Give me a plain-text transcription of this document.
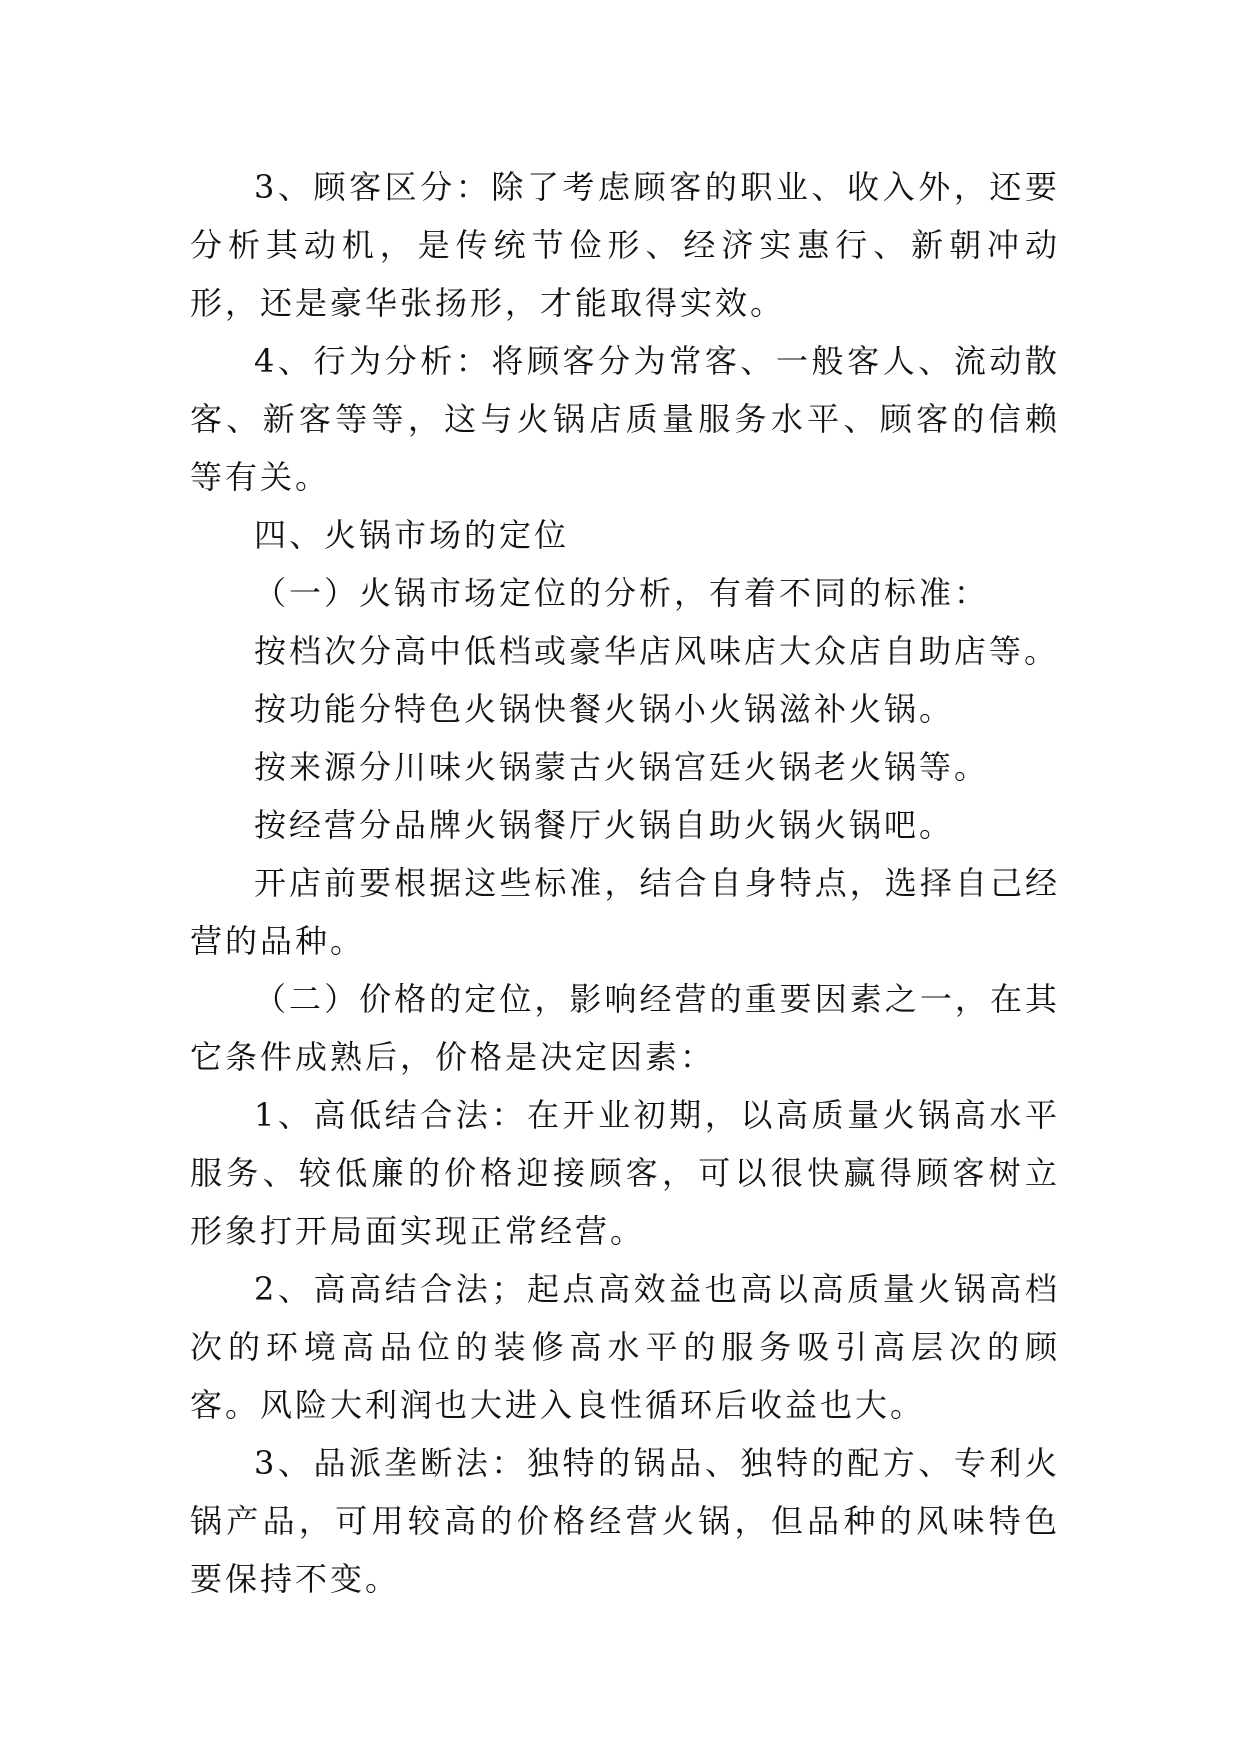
3、顾客区分：除了考虑顾客的职业、收入外，还要分析其动机，是传统节俭形、经济实惠行、新朝冲动形，还是豪华张扬形，才能取得实效。

4、行为分析：将顾客分为常客、一般客人、流动散客、新客等等，这与火锅店质量服务水平、顾客的信赖等有关。

四、火锅市场的定位

（一）火锅市场定位的分析，有着不同的标准：

按档次分高中低档或豪华店风味店大众店自助店等。

按功能分特色火锅快餐火锅小火锅滋补火锅。

按来源分川味火锅蒙古火锅宫廷火锅老火锅等。

按经营分品牌火锅餐厅火锅自助火锅火锅吧。

开店前要根据这些标准，结合自身特点，选择自己经营的品种。

（二）价格的定位，影响经营的重要因素之一，在其它条件成熟后，价格是决定因素：

1、高低结合法：在开业初期，以高质量火锅高水平服务、较低廉的价格迎接顾客，可以很快赢得顾客树立形象打开局面实现正常经营。

2、高高结合法；起点高效益也高以高质量火锅高档次的环境高品位的装修高水平的服务吸引高层次的顾客。风险大利润也大进入良性循环后收益也大。

3、品派垄断法：独特的锅品、独特的配方、专利火锅产品，可用较高的价格经营火锅，但品种的风味特色要保持不变。
